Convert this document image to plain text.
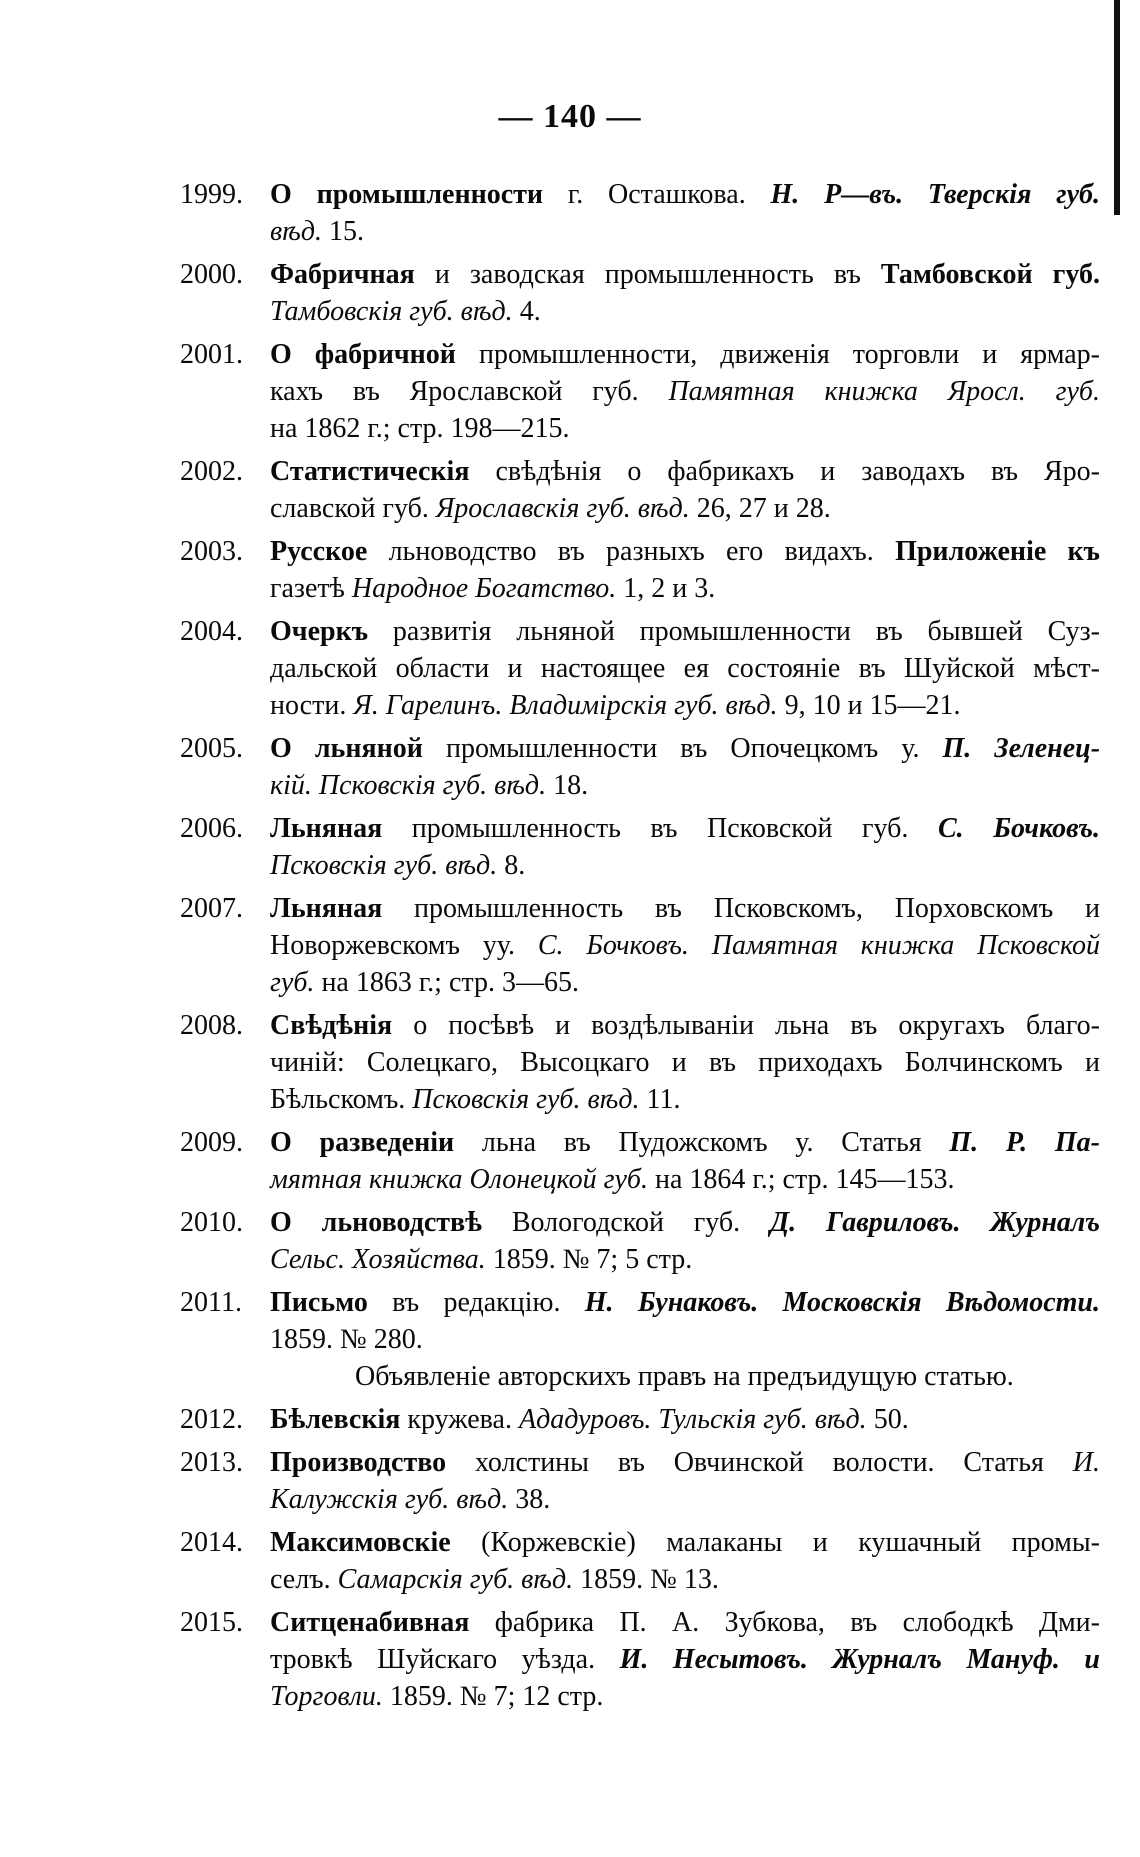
— 140 —
1999. О промышленности г. Осташкова. Н. Р—въ. Тверскія губ.
вѣд. 15.
2000. Фабричная и заводская промышленность въ Тамбовской губ.
Тамбовскія губ. вѣд. 4.
2001. О фабричной промышленности, движенія торговли и ярмар-
кахъ въ Ярославской губ. Памятная книжка Яросл. губ.
на 1862 г.; стр. 198—215.
2002. Статистическія свѣдѣнія о фабрикахъ и заводахъ въ Яро-
славской губ. Ярославскія губ. вѣд. 26, 27 и 28.
2003. Русское льноводство въ разныхъ его видахъ. Приложеніе къ
газетѣ Народное Богатство. 1, 2 и 3.
2004. Очеркъ развитія льняной промышленности въ бывшей Суз-
дальской области и настоящее ея состояніе въ Шуйской мѣст-
ности. Я. Гарелинъ. Владимірскія губ. вѣд. 9, 10 и 15—21.
2005. О льняной промышленности въ Опочецкомъ у. П. Зеленец-
кій. Псковскія губ. вѣд. 18.
2006. Льняная промышленность въ Псковской губ. С. Бочковъ.
Псковскія губ. вѣд. 8.
2007. Льняная промышленность въ Псковскомъ, Порховскомъ и
Новоржевскомъ уу. С. Бочковъ. Памятная книжка Псковской
губ. на 1863 г.; стр. 3—65.
2008. Свѣдѣнія о посѣвѣ и воздѣлываніи льна въ округахъ благо-
чиній: Солецкаго, Высоцкаго и въ приходахъ Болчинскомъ и
Бѣльскомъ. Псковскія губ. вѣд. 11.
2009. О разведеніи льна въ Пудожскомъ у. Статья П. Р. Па-
мятная книжка Олонецкой губ. на 1864 г.; стр. 145—153.
2010. О льноводствѣ Вологодской губ. Д. Гавриловъ. Журналъ
Сельс. Хозяйства. 1859. № 7; 5 стр.
2011.	Письмо въ редакцію. Н. Бунаковъ. Московскія Вѣдомости.
1859. № 280.
Объявленіе авторскихъ правъ на предъидущую статью.
2012. Бѣлевскія кружева. Ададуровъ. Тульскія губ. вѣд. 50.
2013. Производство холстины въ Овчинской волости. Статья И.
Калужскія губ. вѣд. 38.
2014. Максимовскіе (Коржевскіе) малаканы и кушачный промы-
селъ. Самарскія губ. вѣд. 1859. № 13.
2015. Ситценабивная фабрика П. А. Зубкова, въ слободкѣ Дми-
тровкѣ Шуйскаго уѣзда. И. Несытовъ. Журналъ Мануф. и
Торговли. 1859. № 7; 12 стр.
